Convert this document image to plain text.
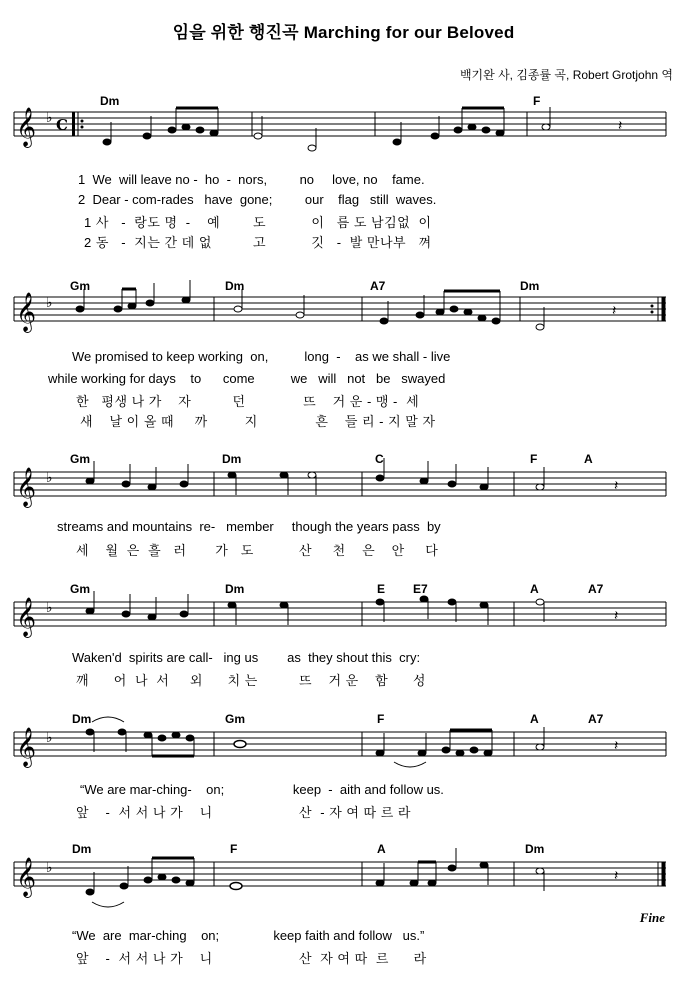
임을 위한 행진곡 Marching for our Beloved
백기완 사, 김종률 곡, Robert Grotjohn 역
Dm	F
𝄞 ♭ C	𝄽
1  We  will leave no -  ho  -  nors,         no     love, no    fame.
2  Dear - com-rades   have  gone;         our    flag   still  waves.
1 사   -  랑도 명  -    예        도           이   름 도 남김없  이
2 동   -  지는 간 데 없          고           깃   -  발 만나부   껴
Gm	Dm	A7	Dm
𝄞 ♭	𝄽
We promised to keep working  on,          long  -    as we shall - live
while working for days    to      come          we   will   not   be   swayed
한   평생 나 가    자          던              뜨    거 운 - 맹 -  세
새    날 이 올 때     까         지              흔    들 리 - 지 말 자
Gm	Dm	C	F	A
𝄞 ♭	𝄽
streams and mountains  re-   member     though the years pass  by
세    월  은  흘   러       가   도           산     천    은    안     다
Gm	Dm	E E7	A	A7
𝄞 ♭	𝄽
Waken'd  spirits are call-   ing us        as  they shout this  cry:
깨      어  나  서     외      치 는          뜨    거 운    함      성
Dm	Gm	F	A	A7
𝄞 ♭	𝄽
“We are mar-ching-    on;                   keep  -  aith and follow us.
앞    -  서 서 나 가    니                     산  - 자 여 따 르 라
Dm	F	A	Dm
𝄞 ♭	𝄽
“We  are  mar-ching    on;               keep faith and follow   us.”
앞    -  서 서 나 가    니                     산  자 여 따  르      라
Fine
